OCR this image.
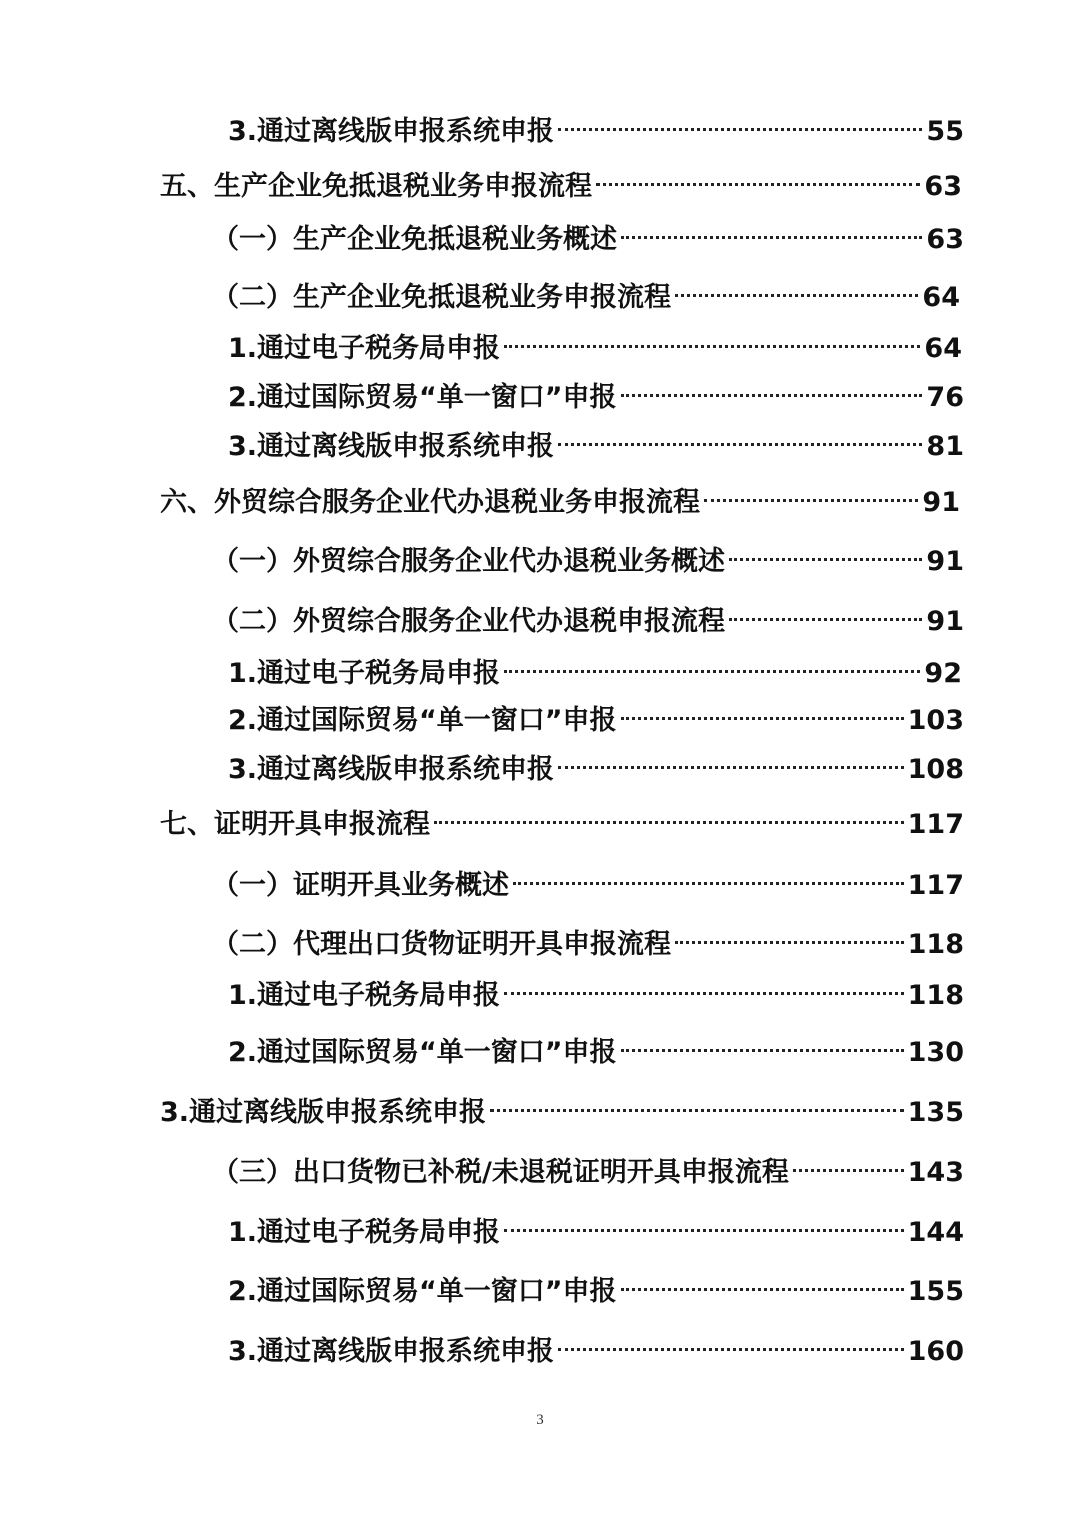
3.通过离线版申报系统申报	55
五、生产企业免抵退税业务申报流程	63
（一）生产企业免抵退税业务概述	63
（二）生产企业免抵退税业务申报流程	64
1.通过电子税务局申报	64
2.通过国际贸易“单一窗口”申报	76
3.通过离线版申报系统申报	81
六、外贸综合服务企业代办退税业务申报流程	91
（一）外贸综合服务企业代办退税业务概述	91
（二）外贸综合服务企业代办退税申报流程	91
1.通过电子税务局申报	92
2.通过国际贸易“单一窗口”申报	103
3.通过离线版申报系统申报	108
七、证明开具申报流程	117
（一）证明开具业务概述	117
（二）代理出口货物证明开具申报流程	118
1.通过电子税务局申报	118
2.通过国际贸易“单一窗口”申报	130
3.通过离线版申报系统申报	135
（三）出口货物已补税/未退税证明开具申报流程	143
1.通过电子税务局申报	144
2.通过国际贸易“单一窗口”申报	155
3.通过离线版申报系统申报	160
3
